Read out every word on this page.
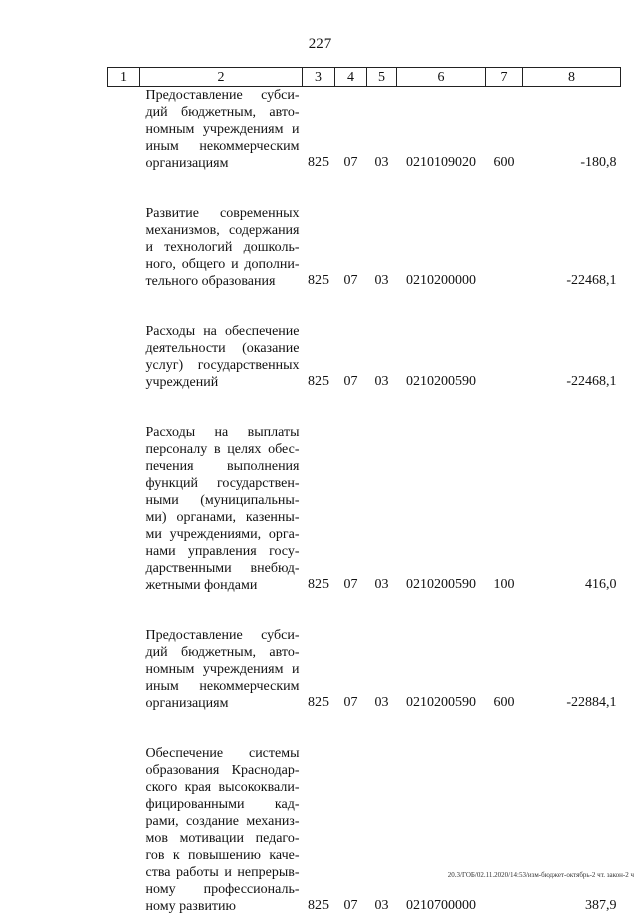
227
1	2	3	4	5	6	7	8

	Предоставление субси- дий бюджетным, авто- номным учреждениям и иным некоммерческим организациям	825	07	03	0210109020	600	-180,8

	Развитие современных механизмов, содержания и технологий дошколь- ного, общего и дополни- тельного образования	825	07	03	0210200000		-22468,1

	Расходы на обеспечение деятельности (оказание услуг) государственных учреждений	825	07	03	0210200590		-22468,1

	Расходы на выплаты персоналу в целях обес- печения выполнения функций государствен- ными (муниципальны- ми) органами, казенны- ми учреждениями, орга- нами управления госу- дарственными внебюд- жетными фондами	825	07	03	0210200590	100	416,0

	Предоставление субси- дий бюджетным, авто- номным учреждениям и иным некоммерческим организациям	825	07	03	0210200590	600	-22884,1

	Обеспечение системы образования Краснодар- ского края высококвали- фицированными кад- рами, создание механиз- мов мотивации педаго- гов к повышению каче- ства работы и непрерыв- ному профессиональ- ному развитию	825	07	03	0210700000		387,9
20.3/ГОБ/02.11.2020/14:53/изм-бюджет-октябрь-2 чт. закон-2 ч
